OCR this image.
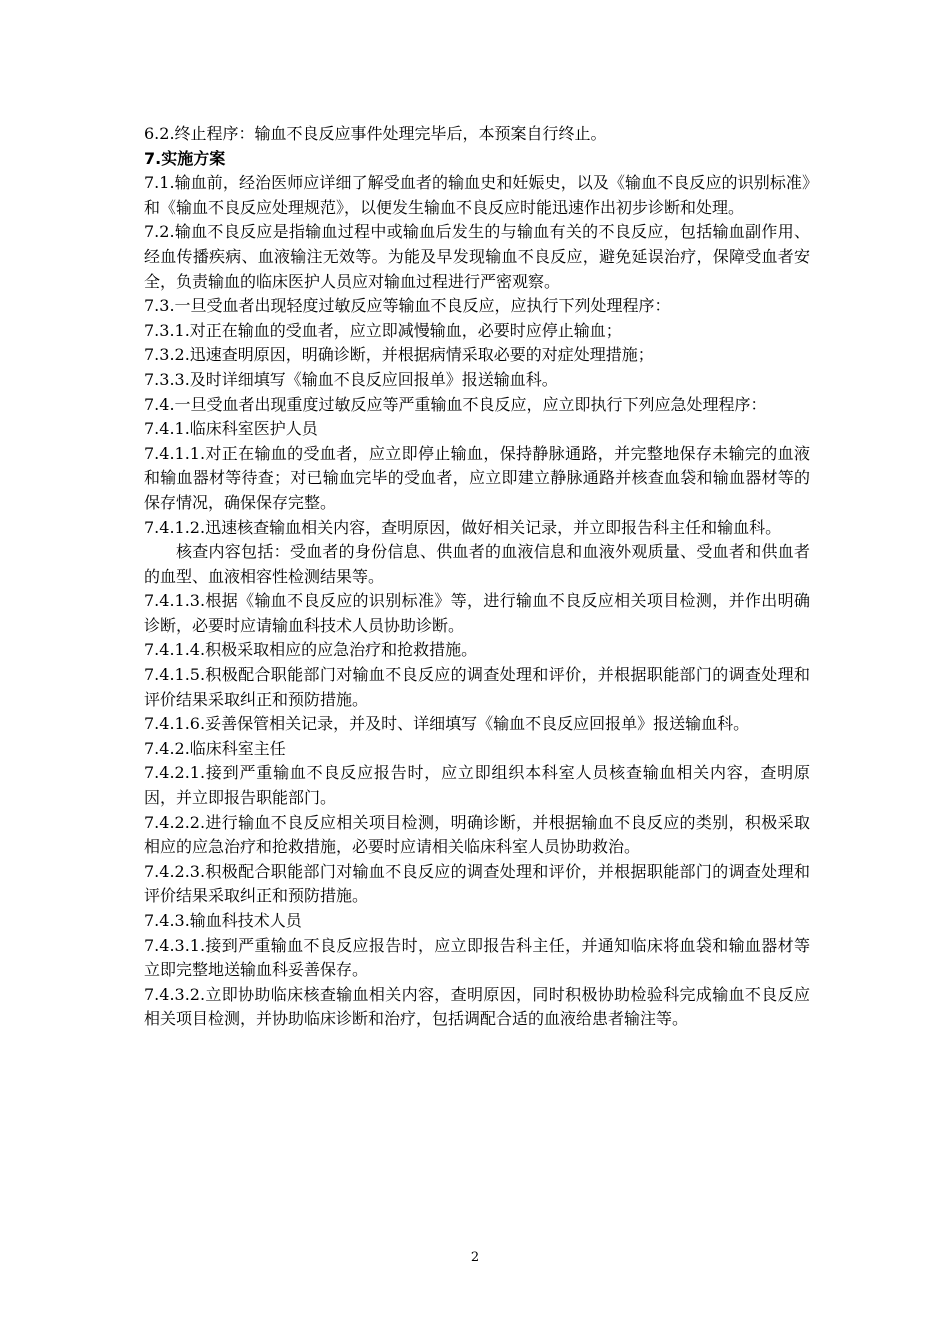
6.2.终止程序：输血不良反应事件处理完毕后，本预案自行终止。

7.实施方案

7.1.输血前，经治医师应详细了解受血者的输血史和妊娠史，以及《输血不良反应的识别标准》和《输血不良反应处理规范》，以便发生输血不良反应时能迅速作出初步诊断和处理。

7.2.输血不良反应是指输血过程中或输血后发生的与输血有关的不良反应，包括输血副作用、经血传播疾病、血液输注无效等。为能及早发现输血不良反应，避免延误治疗，保障受血者安全，负责输血的临床医护人员应对输血过程进行严密观察。

7.3.一旦受血者出现轻度过敏反应等输血不良反应，应执行下列处理程序：

7.3.1.对正在输血的受血者，应立即减慢输血，必要时应停止输血；

7.3.2.迅速查明原因，明确诊断，并根据病情采取必要的对症处理措施；

7.3.3.及时详细填写《输血不良反应回报单》报送输血科。

7.4.一旦受血者出现重度过敏反应等严重输血不良反应，应立即执行下列应急处理程序：

7.4.1.临床科室医护人员

7.4.1.1.对正在输血的受血者，应立即停止输血，保持静脉通路，并完整地保存未输完的血液和输血器材等待查；对已输血完毕的受血者，应立即建立静脉通路并核查血袋和输血器材等的保存情况，确保保存完整。

7.4.1.2.迅速核查输血相关内容，查明原因，做好相关记录，并立即报告科主任和输血科。

核查内容包括：受血者的身份信息、供血者的血液信息和血液外观质量、受血者和供血者的血型、血液相容性检测结果等。

7.4.1.3.根据《输血不良反应的识别标准》等，进行输血不良反应相关项目检测，并作出明确诊断，必要时应请输血科技术人员协助诊断。

7.4.1.4.积极采取相应的应急治疗和抢救措施。

7.4.1.5.积极配合职能部门对输血不良反应的调查处理和评价，并根据职能部门的调查处理和评价结果采取纠正和预防措施。

7.4.1.6.妥善保管相关记录，并及时、详细填写《输血不良反应回报单》报送输血科。

7.4.2.临床科室主任

7.4.2.1.接到严重输血不良反应报告时，应立即组织本科室人员核查输血相关内容，查明原因，并立即报告职能部门。

7.4.2.2.进行输血不良反应相关项目检测，明确诊断，并根据输血不良反应的类别，积极采取相应的应急治疗和抢救措施，必要时应请相关临床科室人员协助救治。

7.4.2.3.积极配合职能部门对输血不良反应的调查处理和评价，并根据职能部门的调查处理和评价结果采取纠正和预防措施。

7.4.3.输血科技术人员

7.4.3.1.接到严重输血不良反应报告时，应立即报告科主任，并通知临床将血袋和输血器材等立即完整地送输血科妥善保存。

7.4.3.2.立即协助临床核查输血相关内容，查明原因，同时积极协助检验科完成输血不良反应相关项目检测，并协助临床诊断和治疗，包括调配合适的血液给患者输注等。

2
